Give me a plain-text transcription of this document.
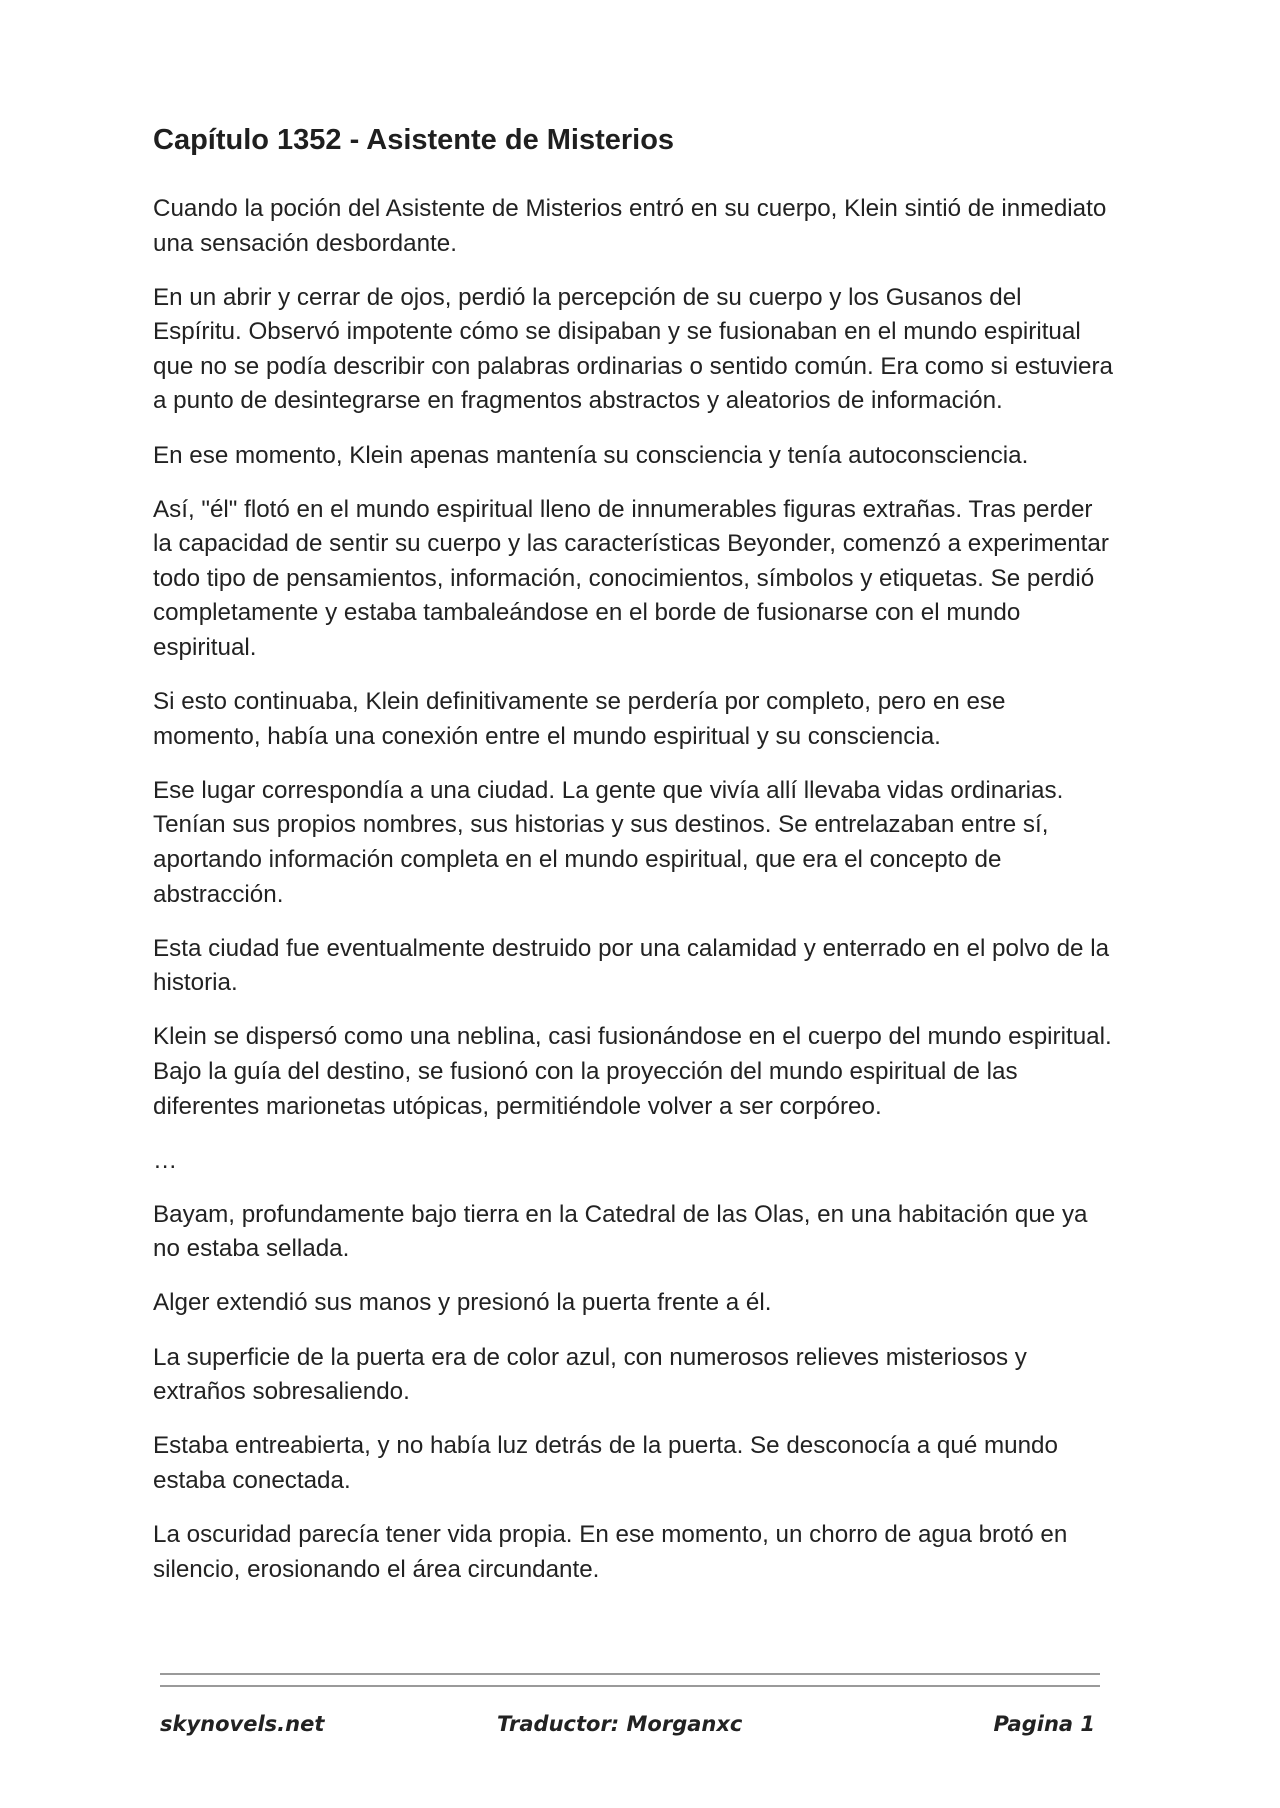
Capítulo 1352 - Asistente de Misterios

Cuando la poción del Asistente de Misterios entró en su cuerpo, Klein sintió de inmediato una sensación desbordante.

En un abrir y cerrar de ojos, perdió la percepción de su cuerpo y los Gusanos del Espíritu. Observó impotente cómo se disipaban y se fusionaban en el mundo espiritual que no se podía describir con palabras ordinarias o sentido común. Era como si estuviera a punto de desintegrarse en fragmentos abstractos y aleatorios de información.

En ese momento, Klein apenas mantenía su consciencia y tenía autoconsciencia.

Así, "él" flotó en el mundo espiritual lleno de innumerables figuras extrañas. Tras perder la capacidad de sentir su cuerpo y las características Beyonder, comenzó a experimentar todo tipo de pensamientos, información, conocimientos, símbolos y etiquetas. Se perdió completamente y estaba tambaleándose en el borde de fusionarse con el mundo espiritual.

Si esto continuaba, Klein definitivamente se perdería por completo, pero en ese momento, había una conexión entre el mundo espiritual y su consciencia.

Ese lugar correspondía a una ciudad. La gente que vivía allí llevaba vidas ordinarias. Tenían sus propios nombres, sus historias y sus destinos. Se entrelazaban entre sí, aportando información completa en el mundo espiritual, que era el concepto de abstracción.

Esta ciudad fue eventualmente destruido por una calamidad y enterrado en el polvo de la historia.

Klein se dispersó como una neblina, casi fusionándose en el cuerpo del mundo espiritual. Bajo la guía del destino, se fusionó con la proyección del mundo espiritual de las diferentes marionetas utópicas, permitiéndole volver a ser corpóreo.

…

Bayam, profundamente bajo tierra en la Catedral de las Olas, en una habitación que ya no estaba sellada.

Alger extendió sus manos y presionó la puerta frente a él.

La superficie de la puerta era de color azul, con numerosos relieves misteriosos y extraños sobresaliendo.

Estaba entreabierta, y no había luz detrás de la puerta. Se desconocía a qué mundo estaba conectada.

La oscuridad parecía tener vida propia. En ese momento, un chorro de agua brotó en silencio, erosionando el área circundante.

skynovels.net	Traductor: Morganxc	Pagina 1
